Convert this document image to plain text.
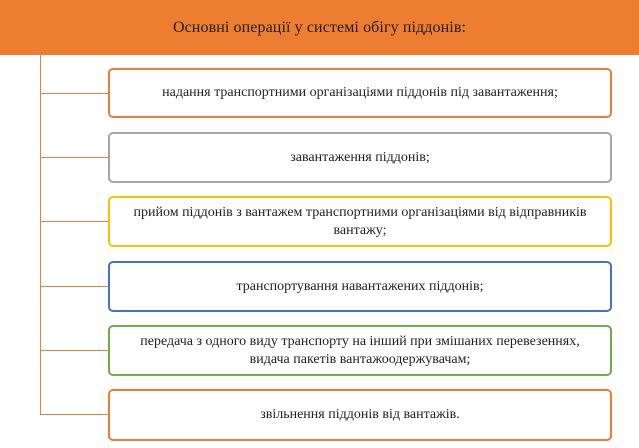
Основні операції у системі обігу піддонів:
надання транспортними організаціями піддонів під завантаження;
завантаження піддонів;
прийом піддонів з вантажем транспортними організаціями від відправників вантажу;
транспортування навантажених піддонів;
передача з одного виду транспорту на інший при змішаних перевезеннях, видача пакетів вантажоодержувачам;
звільнення піддонів від вантажів.
